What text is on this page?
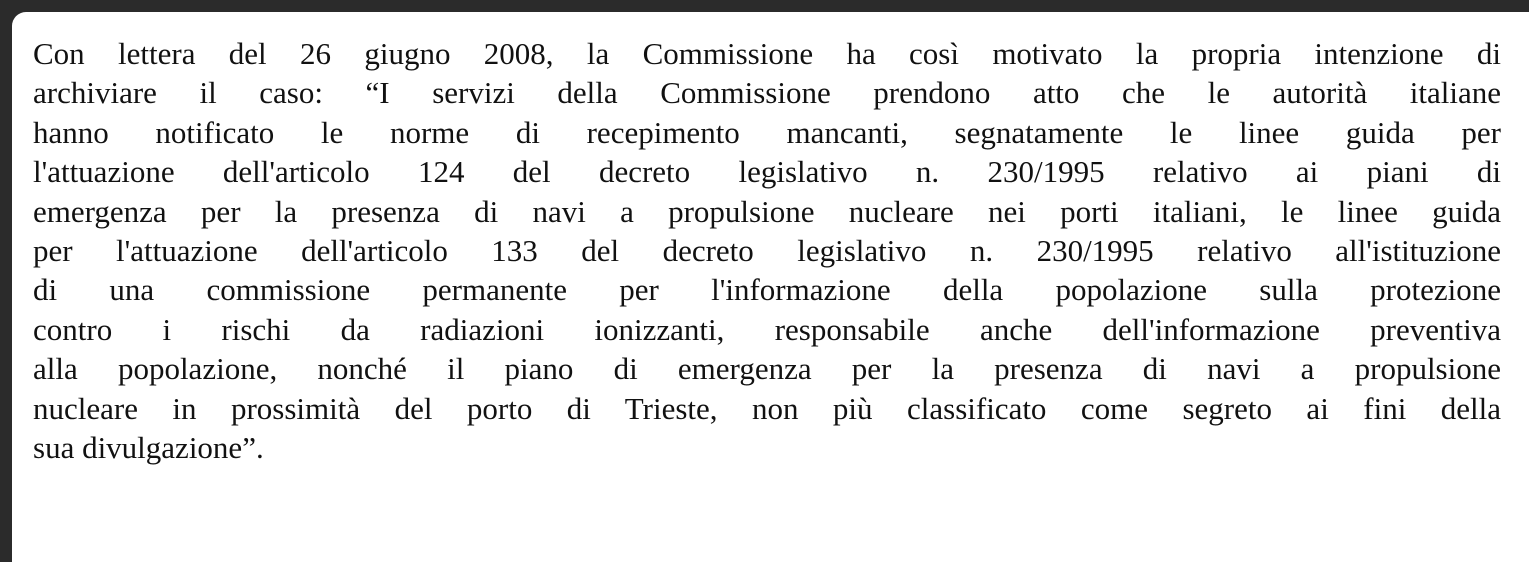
Con lettera del 26 giugno 2008, la Commissione ha così motivato la propria intenzione di
archiviare il caso: “I servizi della Commissione prendono atto che le autorità italiane
hanno notificato le norme di recepimento mancanti, segnatamente le linee guida per
l'attuazione dell'articolo 124 del decreto legislativo n. 230/1995 relativo ai piani di
emergenza per la presenza di navi a propulsione nucleare nei porti italiani, le linee guida
per l'attuazione dell'articolo 133 del decreto legislativo n. 230/1995 relativo all'istituzione
di una commissione permanente per l'informazione della popolazione sulla protezione
contro i rischi da radiazioni ionizzanti, responsabile anche dell'informazione preventiva
alla popolazione, nonché il piano di emergenza per la presenza di navi a propulsione
nucleare in prossimità del porto di Trieste, non più classificato come segreto ai fini della
sua divulgazione”.
